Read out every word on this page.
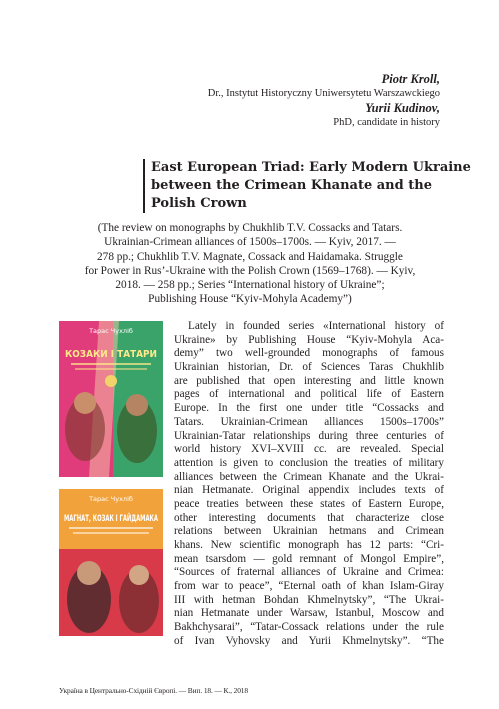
Piotr Kroll,
Dr., Instytut Historyczny Uniwersytetu Warszawckiego
Yurii Kudinov,
PhD, candidate in history
East European Triad: Early Modern Ukraine
between the Crimean Khanate and the
Polish Crown
(The review on monographs by Chukhlib T.V. Cossacks and Tatars.
Ukrainian-Crimean alliances of 1500s–1700s. — Kyiv, 2017. —
278 pp.; Chukhlib T.V. Magnate, Cossack and Haidamaka. Struggle
for Power in Rus’-Ukraine with the Polish Crown (1569–1768). — Kyiv,
2018. — 258 pp.; Series “International history of Ukraine”;
Publishing House “Kyiv-Mohyla Academy”)
Тарас Чухліб
КОЗАКИ І ТАТАРИ
Тарас Чухліб
МАГНАТ, КОЗАК І ГАЙДАМАКА
Lately in founded series «International history of
Ukraine» by Publishing House “Kyiv-Mohyla Aca-
demy” two well-grounded monographs of famous
Ukrainian historian, Dr. of Sciences Taras Chukhlib
are published that open interesting and little known
pages of international and political life of Eastern
Europe. In the first one under title “Cossacks and
Tatars. Ukrainian-Crimean alliances 1500s–1700s”
Ukrainian-Tatar relationships during three centuries of
world history XVI–XVIII cc. are revealed. Special
attention is given to conclusion the treaties of military
alliances between the Crimean Khanate and the Ukrai-
nian Hetmanate. Original appendix includes texts of
peace treaties between these states of Eastern Europe,
other interesting documents that characterize close
relations between Ukrainian hetmans and Crimean
khans. New scientific monograph has 12 parts: “Cri-
mean tsarsdom — gold remnant of Mongol Empire”,
“Sources of fraternal alliances of Ukraine and Crimea:
from war to peace”, “Eternal oath of khan Islam-Giray
III with hetman Bohdan Khmelnytsky”, “The Ukrai-
nian Hetmanate under Warsaw, Istanbul, Moscow and
Bakhchysarai”, “Tatar-Cossack relations under the rule
of Ivan Vyhovsky and Yurii Khmelnytsky”. “The
Україна в Центрально-Східній Європі. — Вип. 18. — К., 2018
